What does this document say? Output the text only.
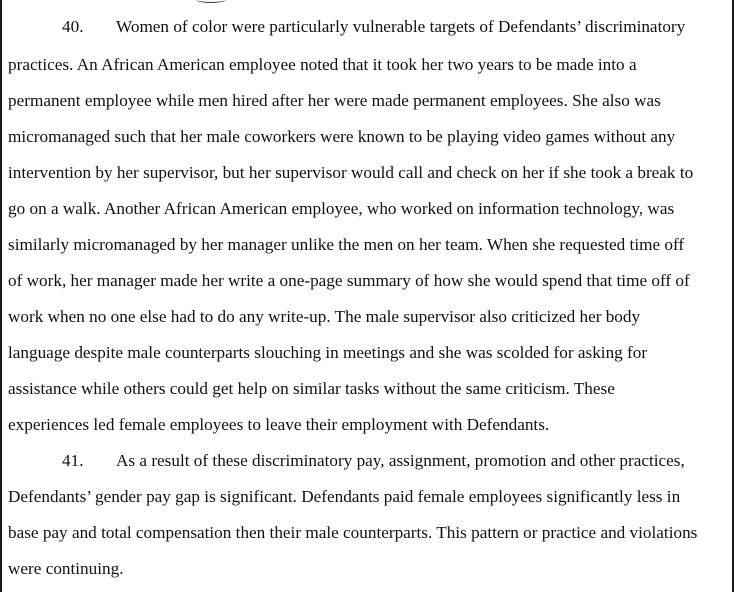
40. Women of color were particularly vulnerable targets of Defendants’ discriminatory
practices. An African American employee noted that it took her two years to be made into a
permanent employee while men hired after her were made permanent employees. She also was
micromanaged such that her male coworkers were known to be playing video games without any
intervention by her supervisor, but her supervisor would call and check on her if she took a break to
go on a walk. Another African American employee, who worked on information technology, was
similarly micromanaged by her manager unlike the men on her team. When she requested time off
of work, her manager made her write a one-page summary of how she would spend that time off of
work when no one else had to do any write-up. The male supervisor also criticized her body
language despite male counterparts slouching in meetings and she was scolded for asking for
assistance while others could get help on similar tasks without the same criticism. These
experiences led female employees to leave their employment with Defendants.
41. As a result of these discriminatory pay, assignment, promotion and other practices,
Defendants’ gender pay gap is significant. Defendants paid female employees significantly less in
base pay and total compensation then their male counterparts. This pattern or practice and violations
were continuing.
